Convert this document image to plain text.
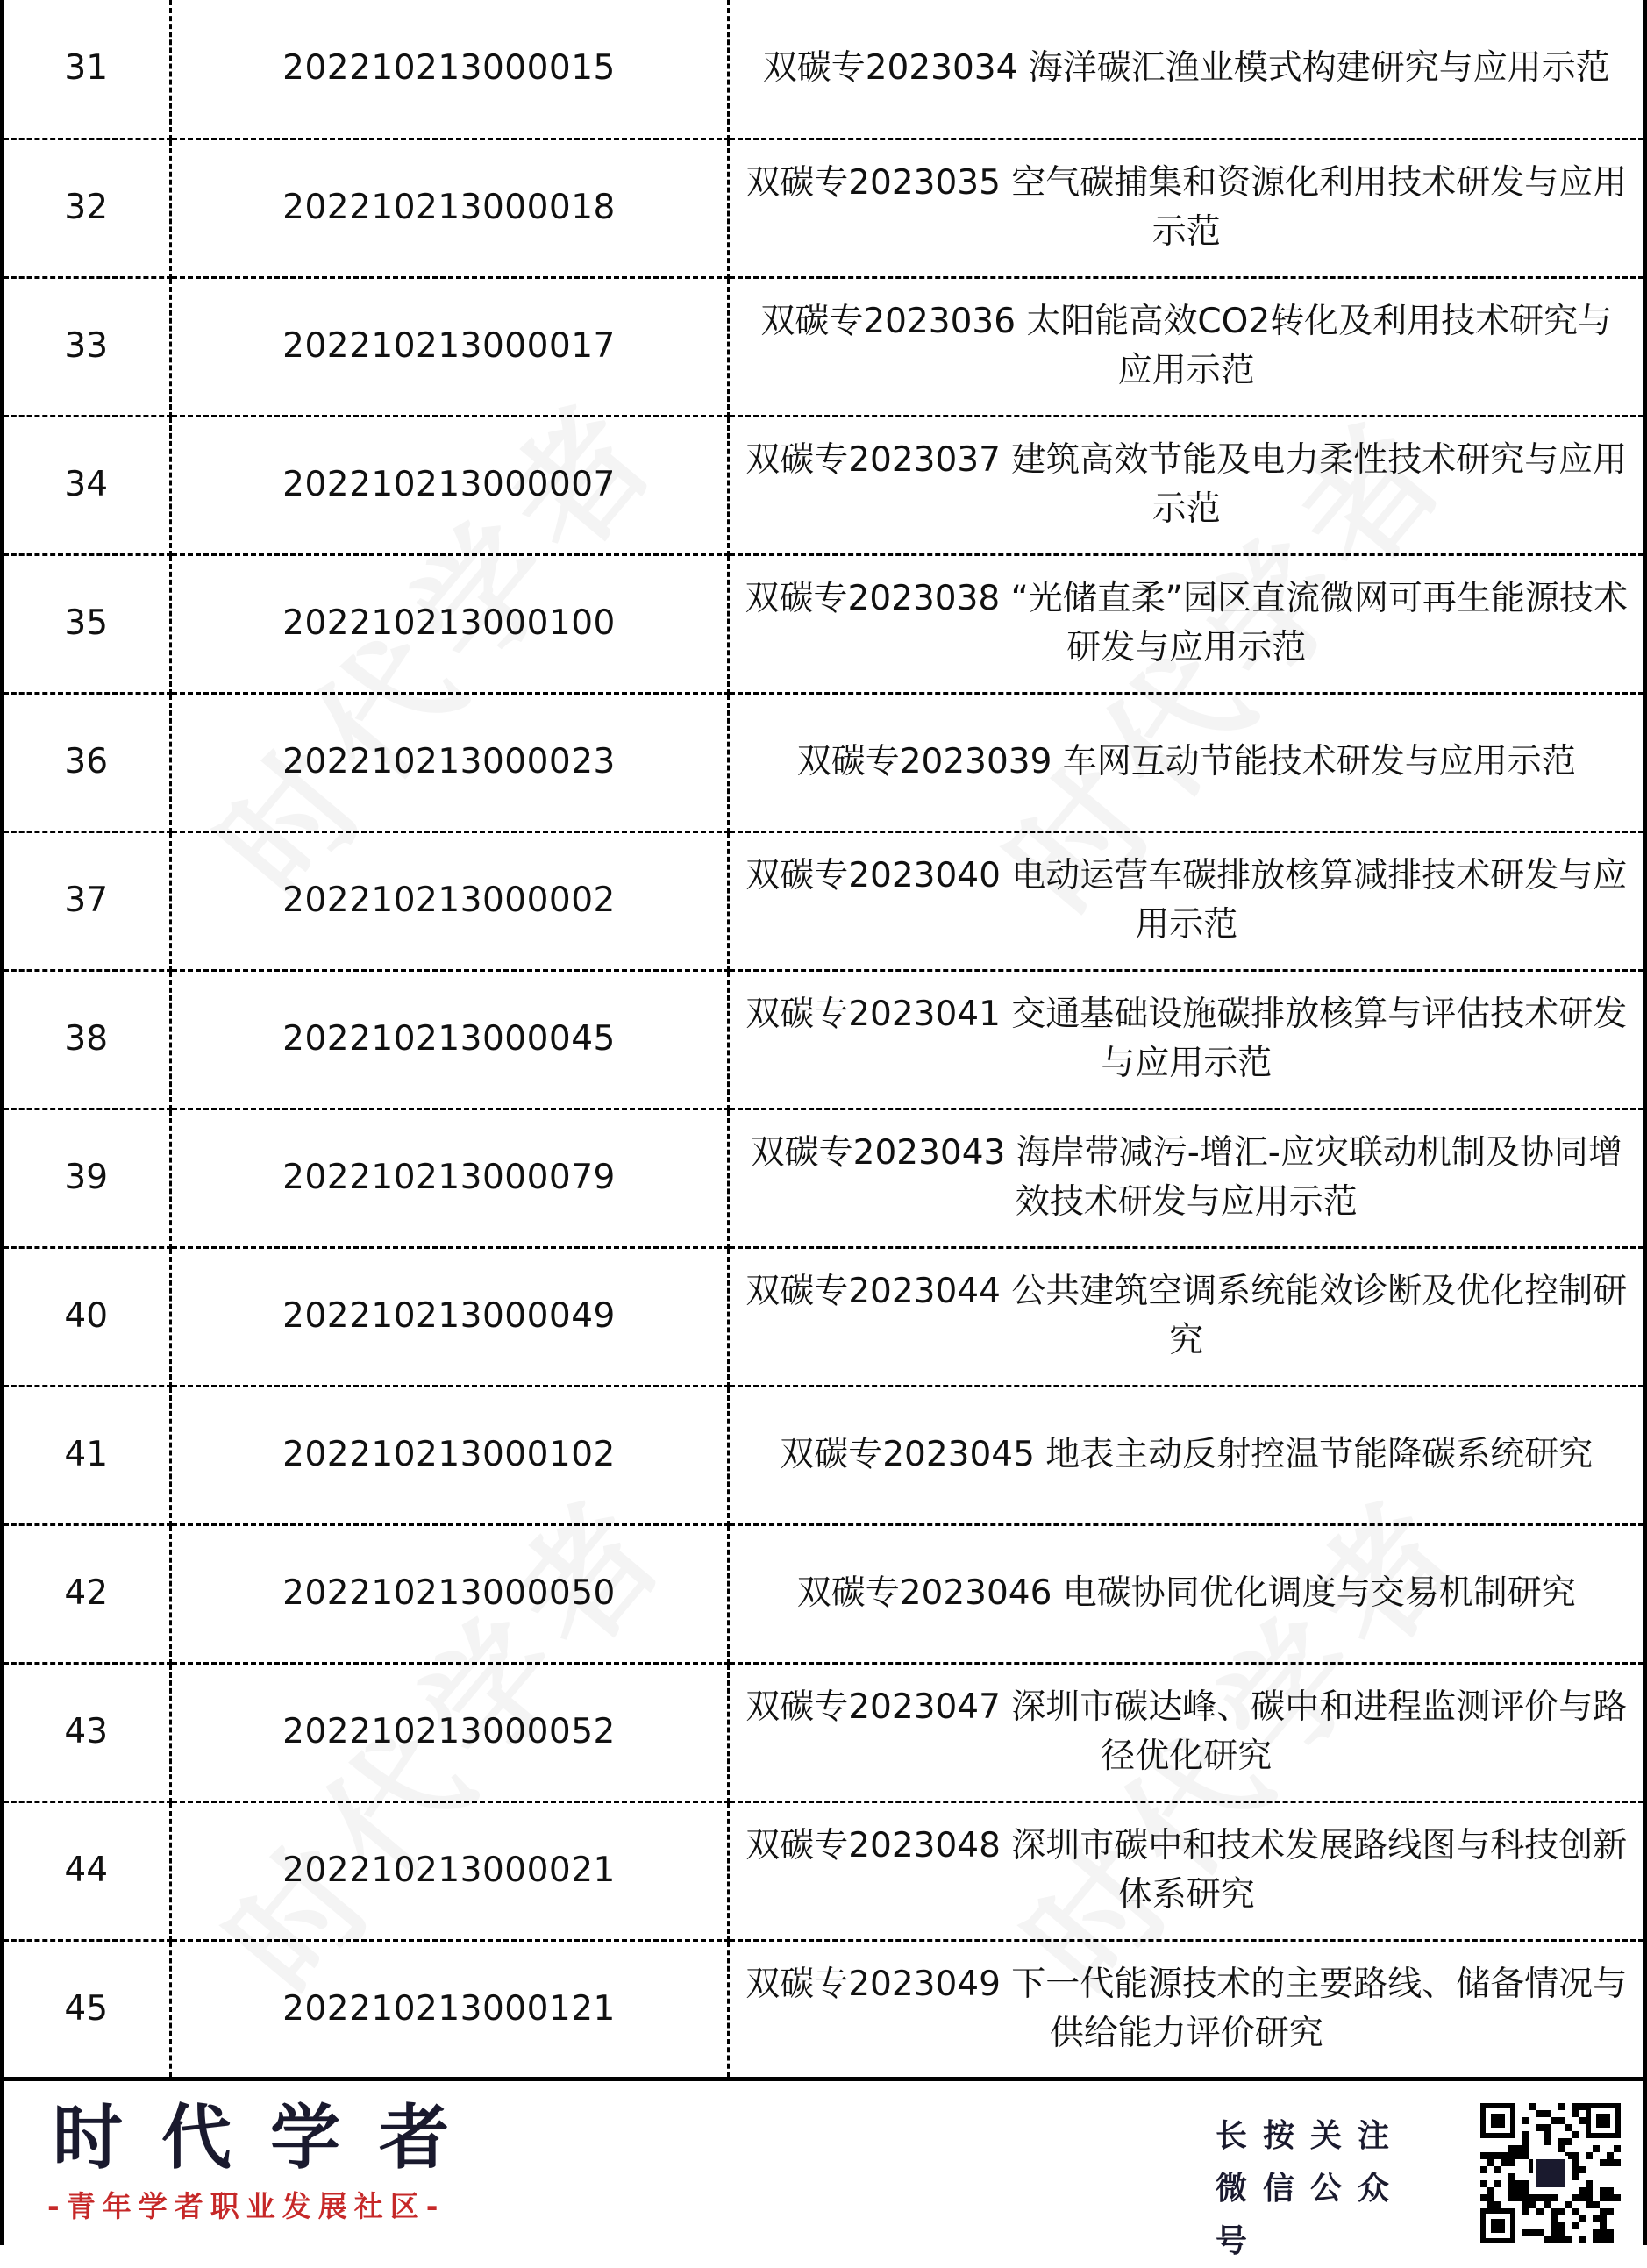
31	202210213000015	双碳专2023034 海洋碳汇渔业模式构建研究与应用示范
32	202210213000018	双碳专2023035 空气碳捕集和资源化利用技术研发与应用示范
33	202210213000017	双碳专2023036 太阳能高效CO2转化及利用技术研究与应用示范
34	202210213000007	双碳专2023037 建筑高效节能及电力柔性技术研究与应用示范
35	202210213000100	双碳专2023038 “光储直柔”园区直流微网可再生能源技术研发与应用示范
36	202210213000023	双碳专2023039 车网互动节能技术研发与应用示范
37	202210213000002	双碳专2023040 电动运营车碳排放核算减排技术研发与应用示范
38	202210213000045	双碳专2023041 交通基础设施碳排放核算与评估技术研发与应用示范
39	202210213000079	双碳专2023043 海岸带减污-增汇-应灾联动机制及协同增效技术研发与应用示范
40	202210213000049	双碳专2023044 公共建筑空调系统能效诊断及优化控制研究
41	202210213000102	双碳专2023045 地表主动反射控温节能降碳系统研究
42	202210213000050	双碳专2023046 电碳协同优化调度与交易机制研究
43	202210213000052	双碳专2023047 深圳市碳达峰、碳中和进程监测评价与路径优化研究
44	202210213000021	双碳专2023048 深圳市碳中和技术发展路线图与科技创新体系研究
45	202210213000121	双碳专2023049 下一代能源技术的主要路线、储备情况与供给能力评价研究
时代学者
-青年学者职业发展社区-
长按关注
微信公众号
